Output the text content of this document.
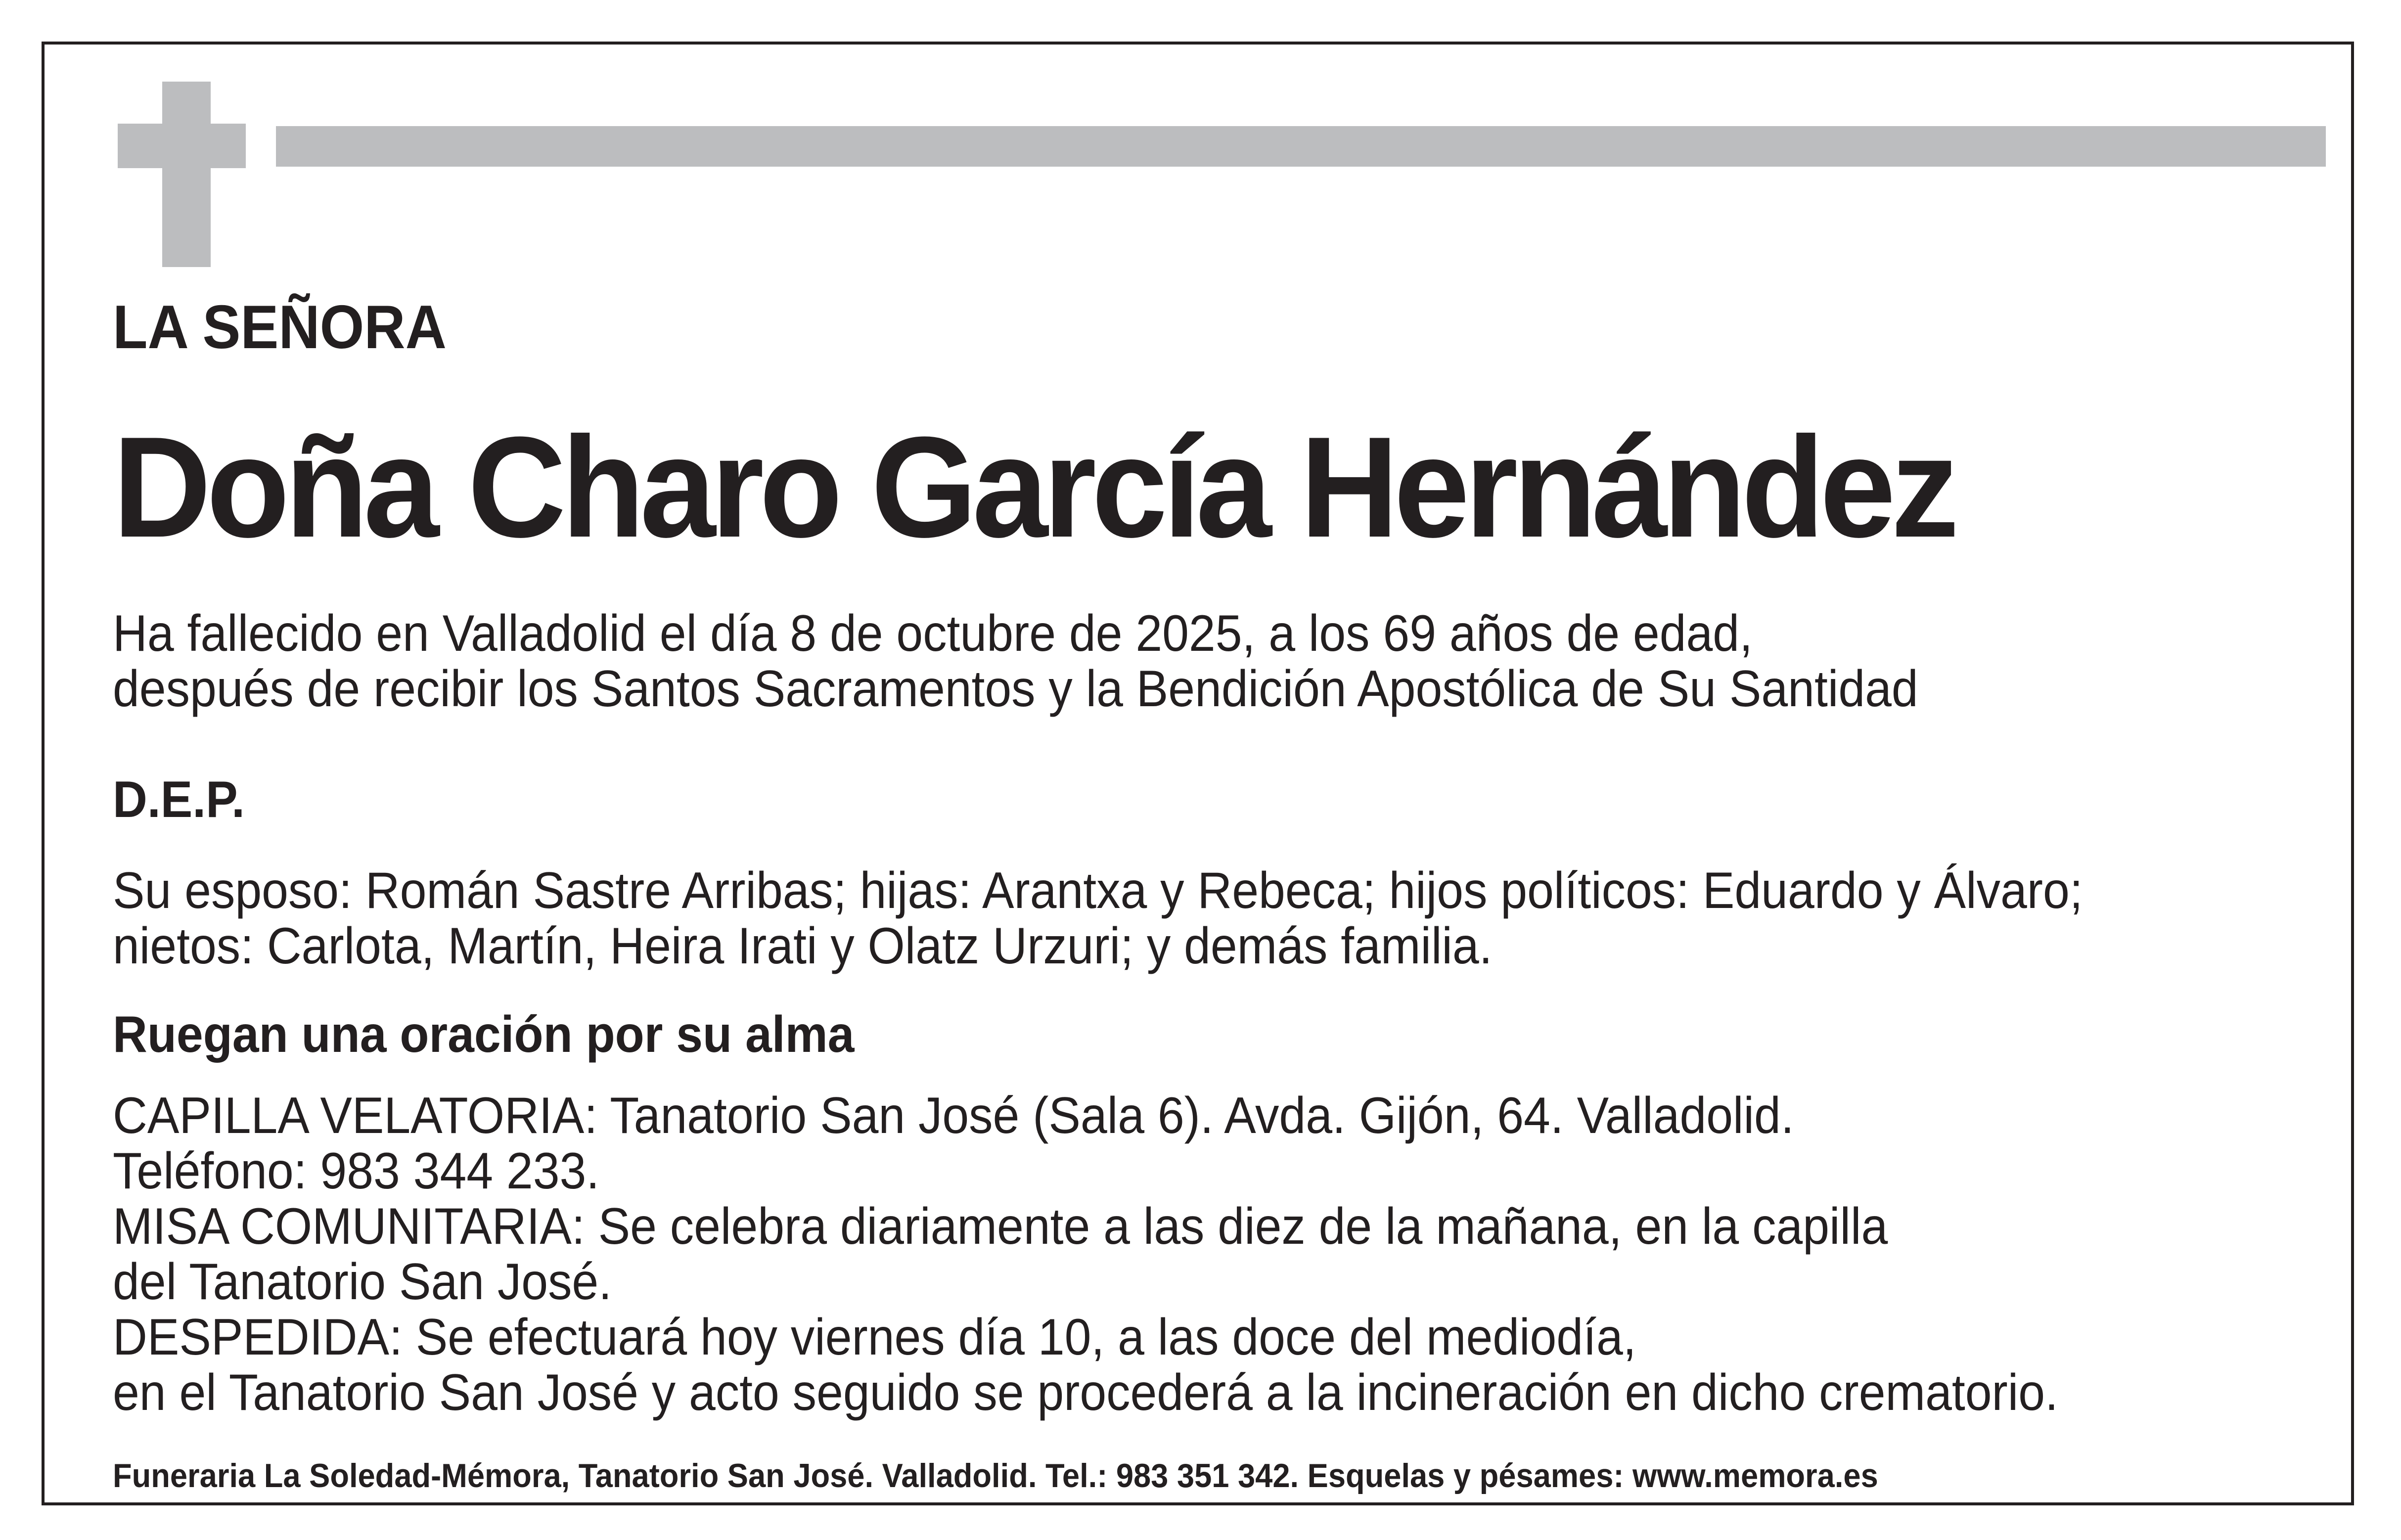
LA SEÑORA

Doña Charo García Hernández

Ha fallecido en Valladolid el día 8 de octubre de 2025, a los 69 años de edad,

después de recibir los Santos Sacramentos y la Bendición Apostólica de Su Santidad

D.E.P.

Su esposo: Román Sastre Arribas; hijas: Arantxa y Rebeca; hijos políticos: Eduardo y Álvaro;

nietos: Carlota, Martín, Heira Irati y Olatz Urzuri; y demás familia.

Ruegan una oración por su alma

CAPILLA VELATORIA: Tanatorio San José (Sala 6). Avda. Gijón, 64. Valladolid.

Teléfono: 983 344 233.

MISA COMUNITARIA: Se celebra diariamente a las diez de la mañana, en la capilla

del Tanatorio San José.

DESPEDIDA: Se efectuará hoy viernes día 10, a las doce del mediodía,

en el Tanatorio San José y acto seguido se procederá a la incineración en dicho crematorio.

Funeraria La Soledad-Mémora, Tanatorio San José. Valladolid. Tel.: 983 351 342. Esquelas y pésames: www.memora.es
